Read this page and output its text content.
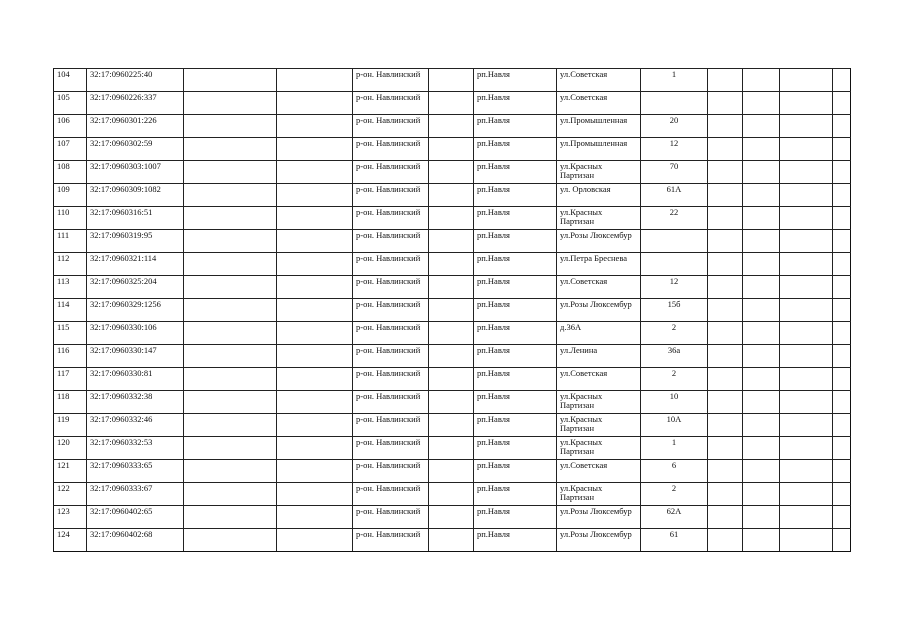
104	32:17:0960225:40			р-он. Навлинский		рп.Навля	ул.Советская	1				
105	32:17:0960226:337			р-он. Навлинский		рп.Навля	ул.Советская					
106	32:17:0960301:226			р-он. Навлинский		рп.Навля	ул.Промышленная	20				
107	32:17:0960302:59			р-он. Навлинский		рп.Навля	ул.Промышленная	12				
108	32:17:0960303:1007			р-он. Навлинский		рп.Навля	ул.Красных Партизан	70				
109	32:17:0960309:1082			р-он. Навлинский		рп.Навля	ул. Орловская	61А				
110	32:17:0960316:51			р-он. Навлинский		рп.Навля	ул.Красных Партизан	22				
111	32:17:0960319:95			р-он. Навлинский		рп.Навля	ул.Розы Люксембур					
112	32:17:0960321:114			р-он. Навлинский		рп.Навля	ул.Петра Бреснева					
113	32:17:0960325:204			р-он. Навлинский		рп.Навля	ул.Советская	12				
114	32:17:0960329:1256			р-он. Навлинский		рп.Навля	ул.Розы Люксембур	15б				
115	32:17:0960330:106			р-он. Навлинский		рп.Навля	д.36А	2				
116	32:17:0960330:147			р-он. Навлинский		рп.Навля	ул.Ленина	36а				
117	32:17:0960330:81			р-он. Навлинский		рп.Навля	ул.Советская	2				
118	32:17:0960332:38			р-он. Навлинский		рп.Навля	ул.Красных Партизан	10				
119	32:17:0960332:46			р-он. Навлинский		рп.Навля	ул.Красных Партизан	10А				
120	32:17:0960332:53			р-он. Навлинский		рп.Навля	ул.Красных Партизан	1				
121	32:17:0960333:65			р-он. Навлинский		рп.Навля	ул.Советская	6				
122	32:17:0960333:67			р-он. Навлинский		рп.Навля	ул.Красных Партизан	2				
123	32:17:0960402:65			р-он. Навлинский		рп.Навля	ул.Розы Люксембур	62А				
124	32:17:0960402:68			р-он. Навлинский		рп.Навля	ул.Розы Люксембур	61				
